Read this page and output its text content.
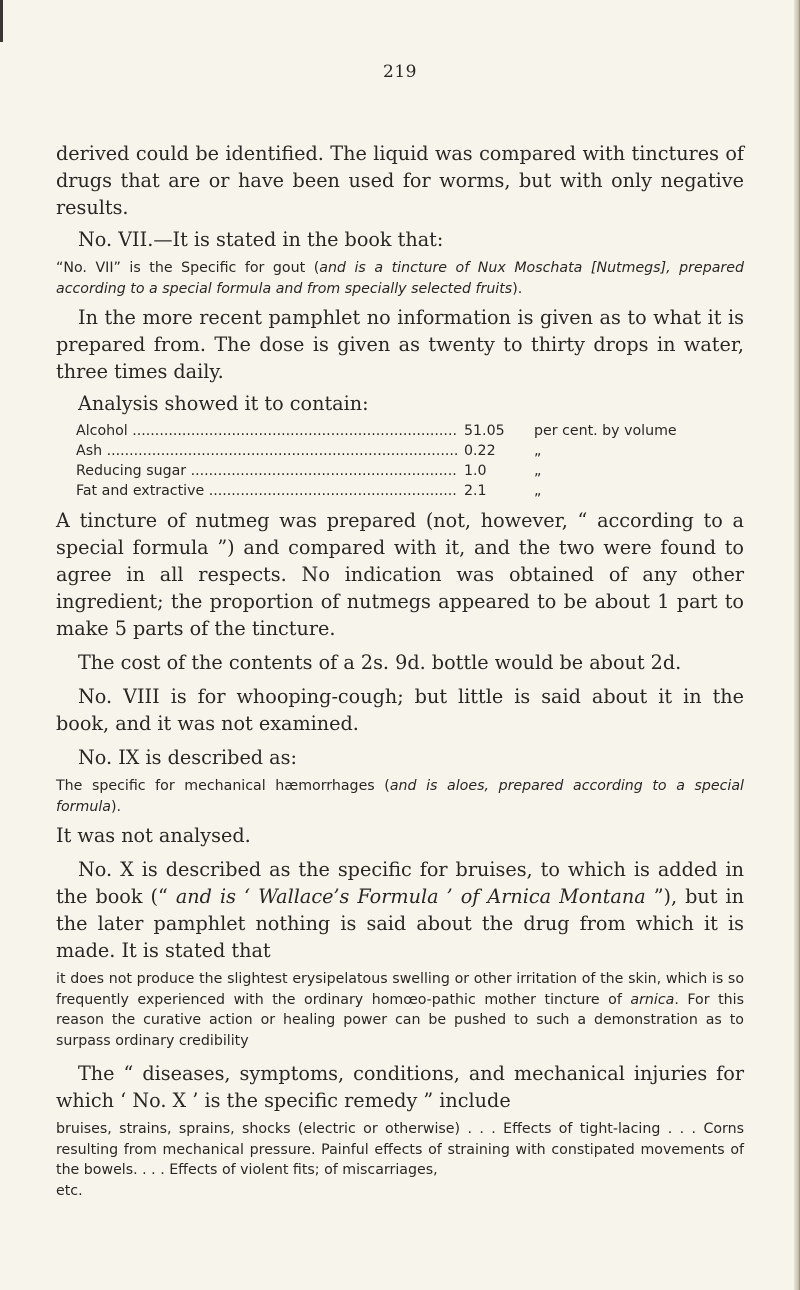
219

derived could be identified. The liquid was compared with tinctures of drugs that are or have been used for worms, but with only negative results.

No. VII.—It is stated in the book that:

“No. VII” is the Specific for gout (and is a tincture of Nux Moschata [Nutmegs], prepared according to a special formula and from specially selected fruits).

In the more recent pamphlet no information is given as to what it is prepared from. The dose is given as twenty to thirty drops in water, three times daily.

Analysis showed it to contain:

Alcohol .....	51.05	per cent. by volume
Ash .....	0.22	„
Reducing sugar .....	1.0	„
Fat and extractive .....	2.1	„

A tincture of nutmeg was prepared (not, however, “ according to a special formula ”) and compared with it, and the two were found to agree in all respects. No indication was obtained of any other ingredient; the proportion of nutmegs appeared to be about 1 part to make 5 parts of the tincture.

The cost of the contents of a 2s. 9d. bottle would be about 2d.

No. VIII is for whooping-cough; but little is said about it in the book, and it was not examined.

No. IX is described as:

The specific for mechanical hæmorrhages (and is aloes, prepared according to a special formula).

It was not analysed.

No. X is described as the specific for bruises, to which is added in the book (“ and is ‘ Wallace’s Formula ’ of Arnica Montana ”), but in the later pamphlet nothing is said about the drug from which it is made. It is stated that

it does not produce the slightest erysipelatous swelling or other irritation of the skin, which is so frequently experienced with the ordinary homœo-pathic mother tincture of arnica. For this reason the curative action or healing power can be pushed to such a demonstration as to surpass ordinary credibility

The “ diseases, symptoms, conditions, and mechanical injuries for which ‘ No. X ’ is the specific remedy ” include

bruises, strains, sprains, shocks (electric or otherwise) . . . Effects of tight-lacing . . . Corns resulting from mechanical pressure. Painful effects of straining with constipated movements of the bowels. . . . Effects of violent fits; of miscarriages,

etc.
